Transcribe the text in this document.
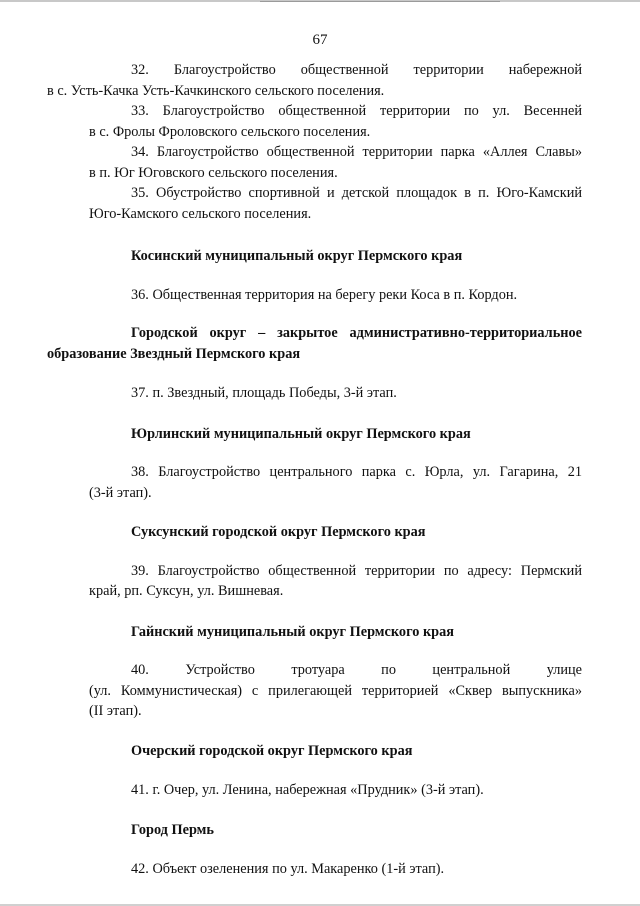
67

32. Благоустройство общественной территории набережной
в с. Усть-Качка Усть-Качкинского сельского поселения.

33. Благоустройство общественной территории по ул. Весенней
в с. Фролы Фроловского сельского поселения.

34. Благоустройство общественной территории парка «Аллея Славы»
в п. Юг Юговского сельского поселения.

35. Обустройство спортивной и детской площадок в п. Юго-Камский
Юго-Камского сельского поселения.

Косинский муниципальный округ Пермского края

36. Общественная территория на берегу реки Коса в п. Кордон.

Городской округ – закрытое административно-территориальное
образование Звездный Пермского края

37. п. Звездный, площадь Победы, 3-й этап.

Юрлинский муниципальный округ Пермского края

38. Благоустройство центрального парка с. Юрла, ул. Гагарина, 21
(3-й этап).

Суксунский городской округ Пермского края

39. Благоустройство общественной территории по адресу: Пермский
край, рп. Суксун, ул. Вишневая.

Гайнский муниципальный округ Пермского края

40. Устройство тротуара по центральной улице
(ул. Коммунистическая) с прилегающей территорией «Сквер выпускника»
(II этап).

Очерский городской округ Пермского края

41. г. Очер, ул. Ленина, набережная «Прудник» (3-й этап).

Город Пермь

42. Объект озеленения по ул. Макаренко (1-й этап).
